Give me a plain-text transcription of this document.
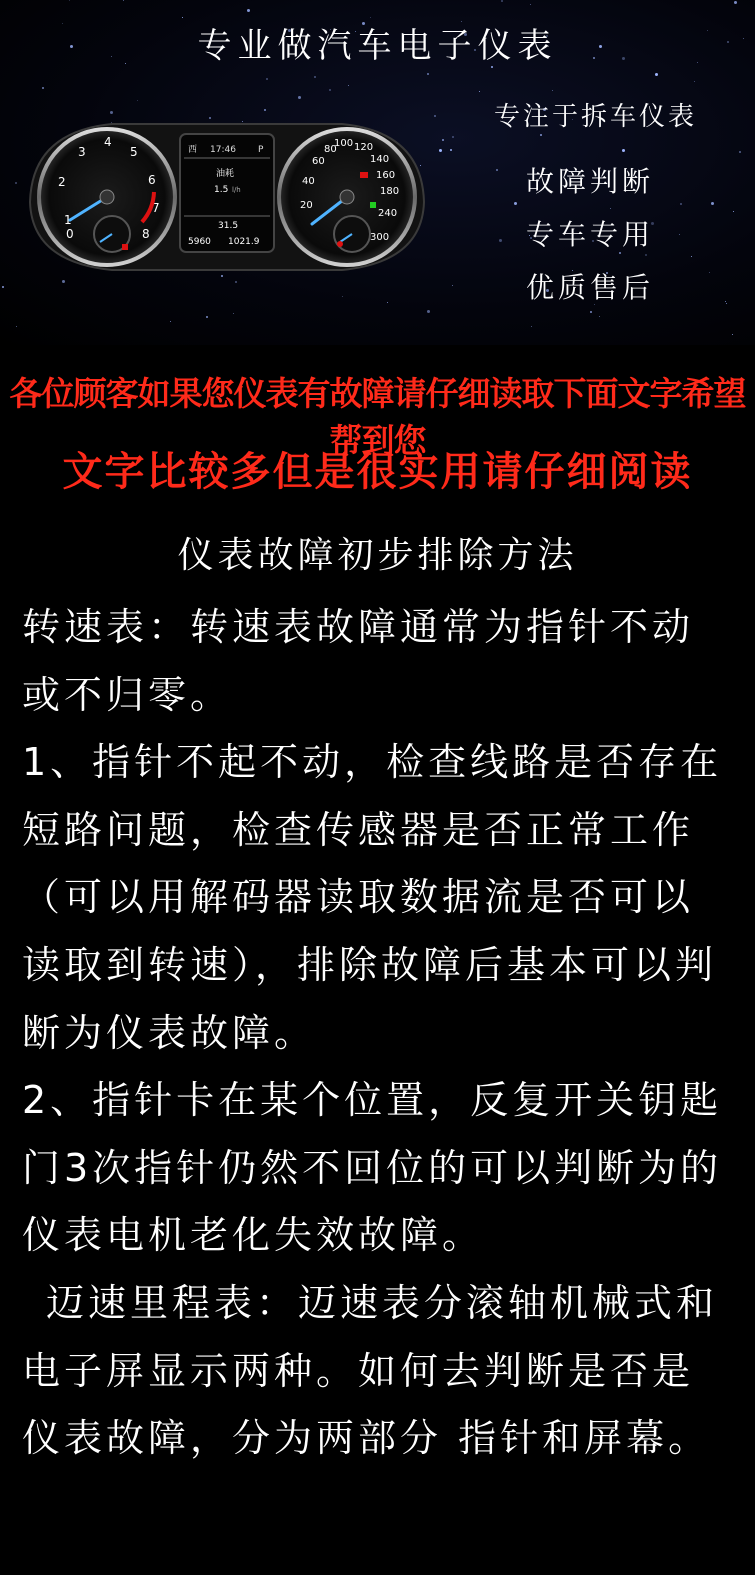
专业做汽车电子仪表
1
2
3
4
5
6
7
8
0
西 17:46 P
油耗
1.5 l/h
31.5
5960 1021.9
20
40
60
80
100 120
140
160
180
240
300
专注于拆车仪表
故障判断
专车专用
优质售后
各位顾客如果您仪表有故障请仔细读取下面文字希望帮到您
文字比较多但是很实用请仔细阅读
仪表故障初步排除方法

转速表：转速表故障通常为指针不动或不归零。

1、指针不起不动，检查线路是否存在短路问题，检查传感器是否正常工作（可以用解码器读取数据流是否可以读取到转速），排除故障后基本可以判断为仪表故障。

2、指针卡在某个位置，反复开关钥匙门3次指针仍然不回位的可以判断为的仪表电机老化失效故障。

迈速里程表：迈速表分滚轴机械式和电子屏显示两种。如何去判断是否是仪表故障，分为两部分 指针和屏幕。
